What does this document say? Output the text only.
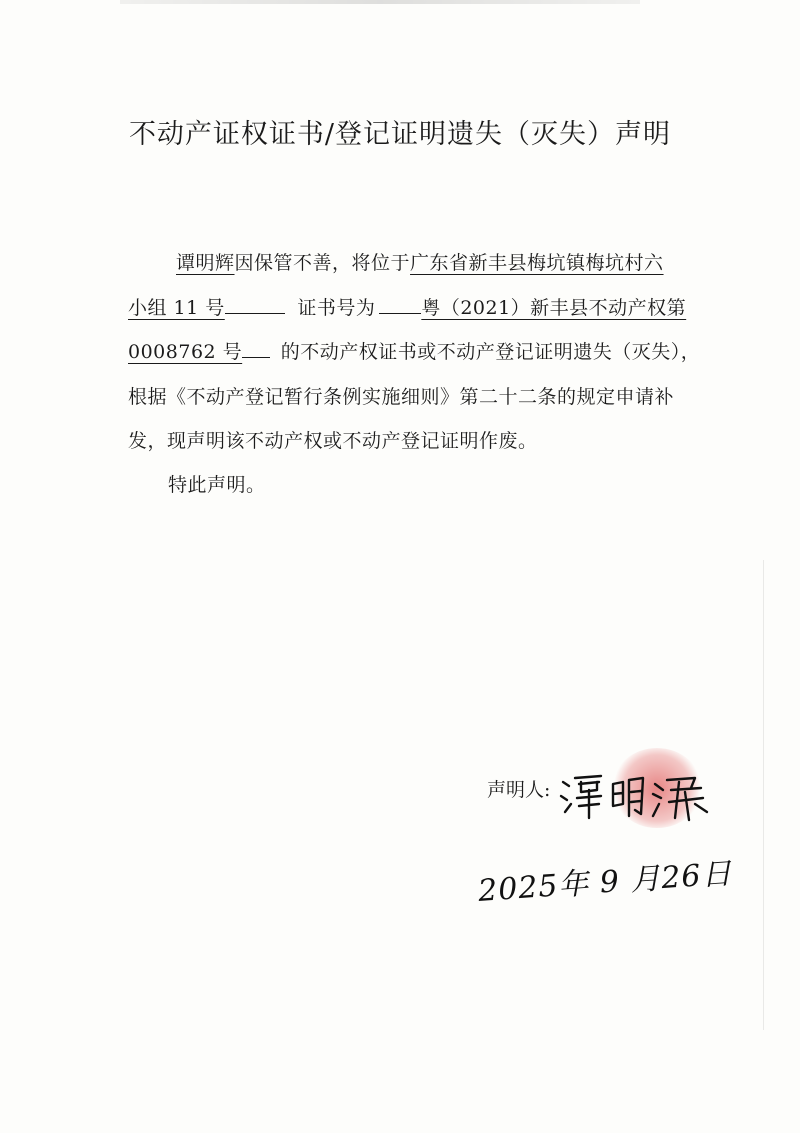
不动产证权证书/登记证明遗失（灭失）声明
谭明辉因保管不善，将位于广东省新丰县梅坑镇梅坑村六
小组 11 号	证书号为 粤（2021）新丰县不动产权第
0008762 号 的不动产权证书或不动产登记证明遗失（灭失），
根据《不动产登记暂行条例实施细则》第二十二条的规定申请补
发，现声明该不动产权或不动产登记证明作废。
特此声明。
声明人:
2025年 9 月26日
